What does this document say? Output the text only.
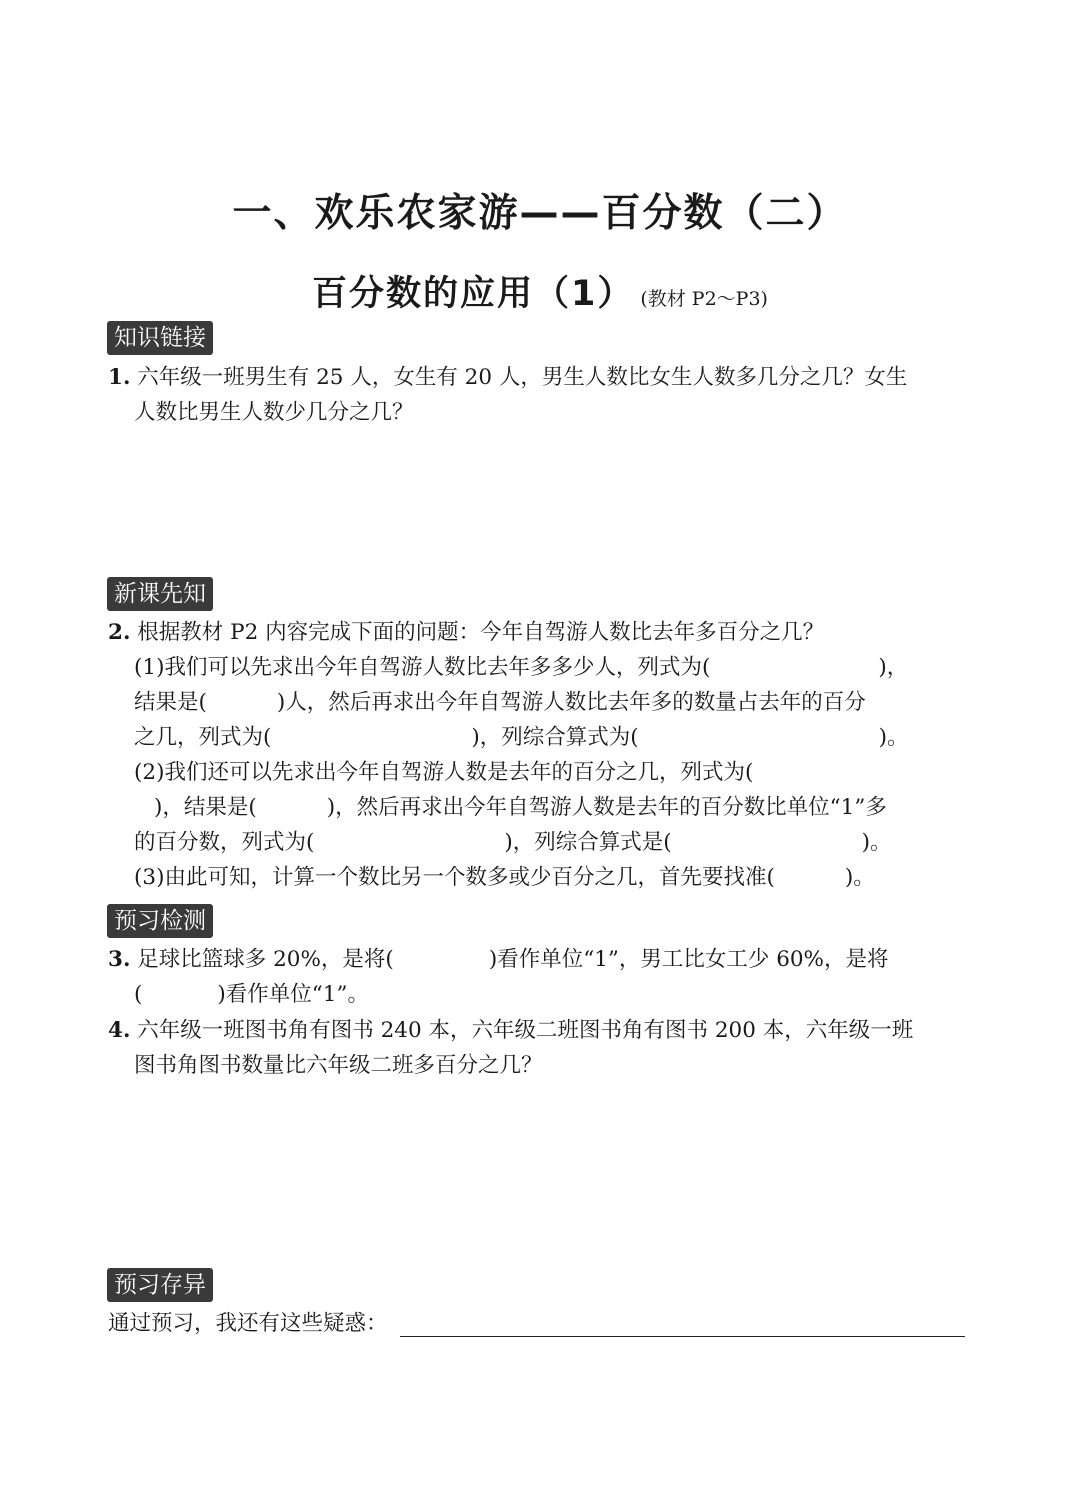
一、欢乐农家游——百分数（二）
百分数的应用（1） (教材 P2～P3)
知识链接
1. 六年级一班男生有 25 人，女生有 20 人，男生人数比女生人数多几分之几？女生
人数比男生人数少几分之几？
新课先知
2. 根据教材 P2 内容完成下面的问题：今年自驾游人数比去年多百分之几？
(1)我们可以先求出今年自驾游人数比去年多多少人，列式为(	)，
结果是(	)人，然后再求出今年自驾游人数比去年多的数量占去年的百分
之几，列式为(	)，列综合算式为(	)。
(2)我们还可以先求出今年自驾游人数是去年的百分之几，列式为(
)，结果是(	)，然后再求出今年自驾游人数是去年的百分数比单位“1”多
的百分数，列式为(	)，列综合算式是(	)。
(3)由此可知，计算一个数比另一个数多或少百分之几，首先要找准(	)。
预习检测
3. 足球比篮球多 20%，是将(	)看作单位“1”，男工比女工少 60%，是将
(	)看作单位“1”。
4. 六年级一班图书角有图书 240 本，六年级二班图书角有图书 200 本，六年级一班
图书角图书数量比六年级二班多百分之几？
预习存异
通过预习，我还有这些疑惑：
